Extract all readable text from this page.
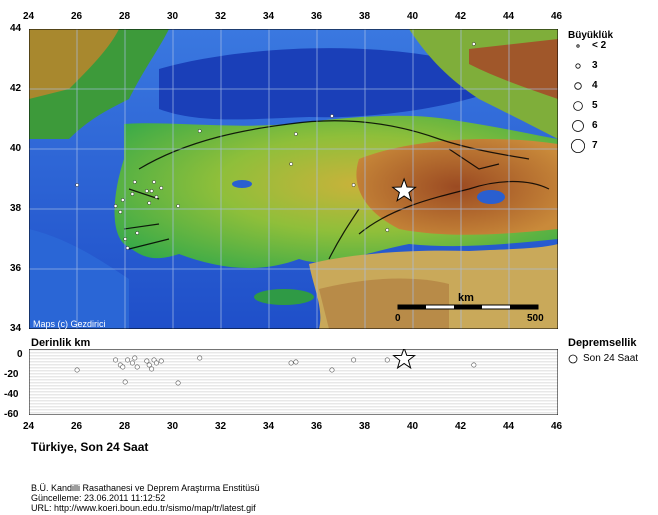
Maps (c) Gezdirici
km
0	500
24	26	28	30	32	34	36	38	40	42	44	46
44
42
40
38
36
34
Büyüklük
< 2
3
4
5
6
7
Derinlik km
0
-20
-40
-60
24	26	28	30	32	34	36	38	40	42	44	46
Depremsellik
Son 24 Saat
Türkiye, Son 24 Saat
B.Ü. Kandilli Rasathanesi ve Deprem Araştırma Enstitüsü
Güncelleme: 23.06.2011 11:12:52
URL: http://www.koeri.boun.edu.tr/sismo/map/tr/latest.gif
